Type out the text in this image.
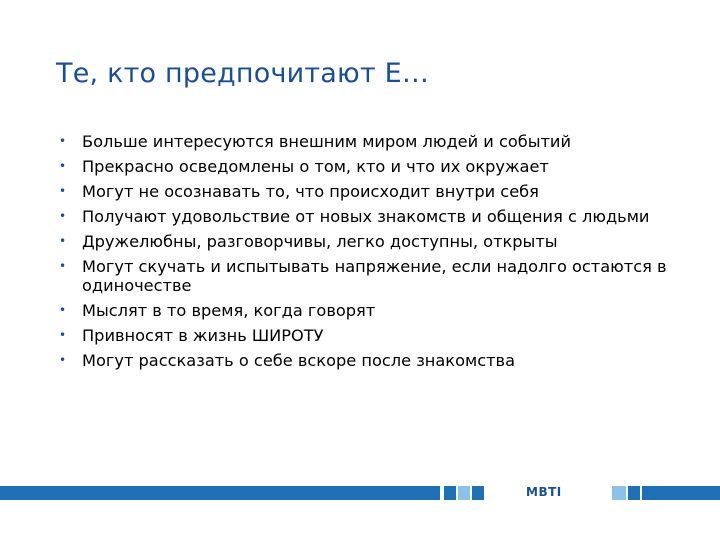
Те, кто предпочитают Е…
• Больше интересуются внешним миром людей и событий
• Прекрасно осведомлены о том, кто и что их окружает
• Могут не осознавать то, что происходит внутри себя
• Получают удовольствие от новых знакомств и общения с людьми
• Дружелюбны, разговорчивы, легко доступны, открыты
• Могут скучать и испытывать напряжение, если надолго остаются в одиночестве
• Мыслят в то время, когда говорят
• Привносят в жизнь ШИРОТУ
• Могут рассказать о себе вскоре после знакомства
MBTI
